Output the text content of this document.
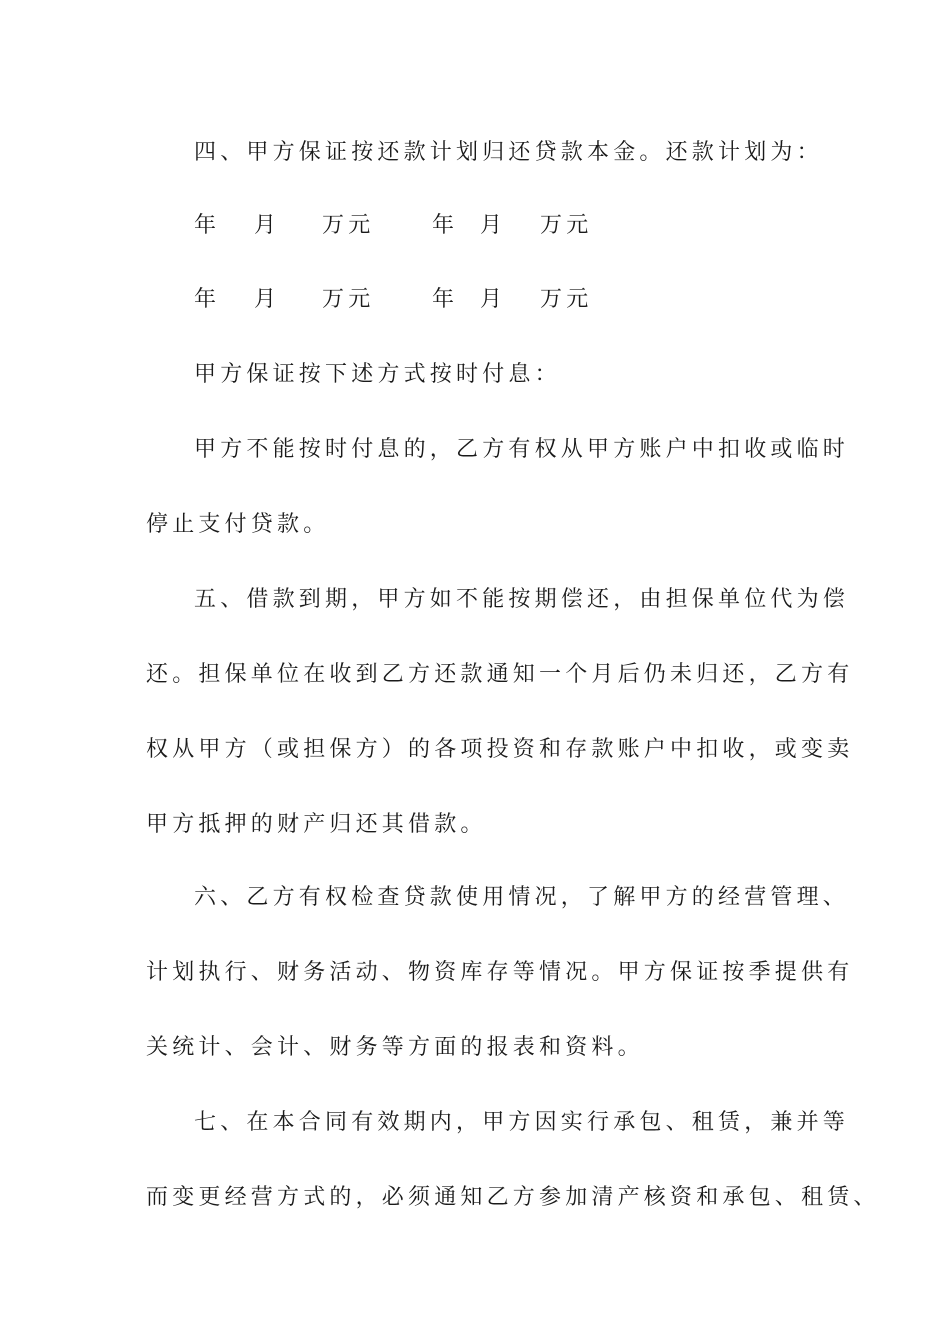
四、甲方保证按还款计划归还贷款本金。还款计划为：
年 月 万元	年 月 万元
年 月 万元	年 月 万元
甲方保证按下述方式按时付息：
甲方不能按时付息的，乙方有权从甲方账户中扣收或临时
停止支付贷款。
五、借款到期，甲方如不能按期偿还，由担保单位代为偿
还。担保单位在收到乙方还款通知一个月后仍未归还，乙方有
权从甲方（或担保方）的各项投资和存款账户中扣收，或变卖
甲方抵押的财产归还其借款。
六、乙方有权检查贷款使用情况，了解甲方的经营管理、
计划执行、财务活动、物资库存等情况。甲方保证按季提供有
关统计、会计、财务等方面的报表和资料。
七、在本合同有效期内，甲方因实行承包、租赁，兼并等
而变更经营方式的，必须通知乙方参加清产核资和承包、租赁、
